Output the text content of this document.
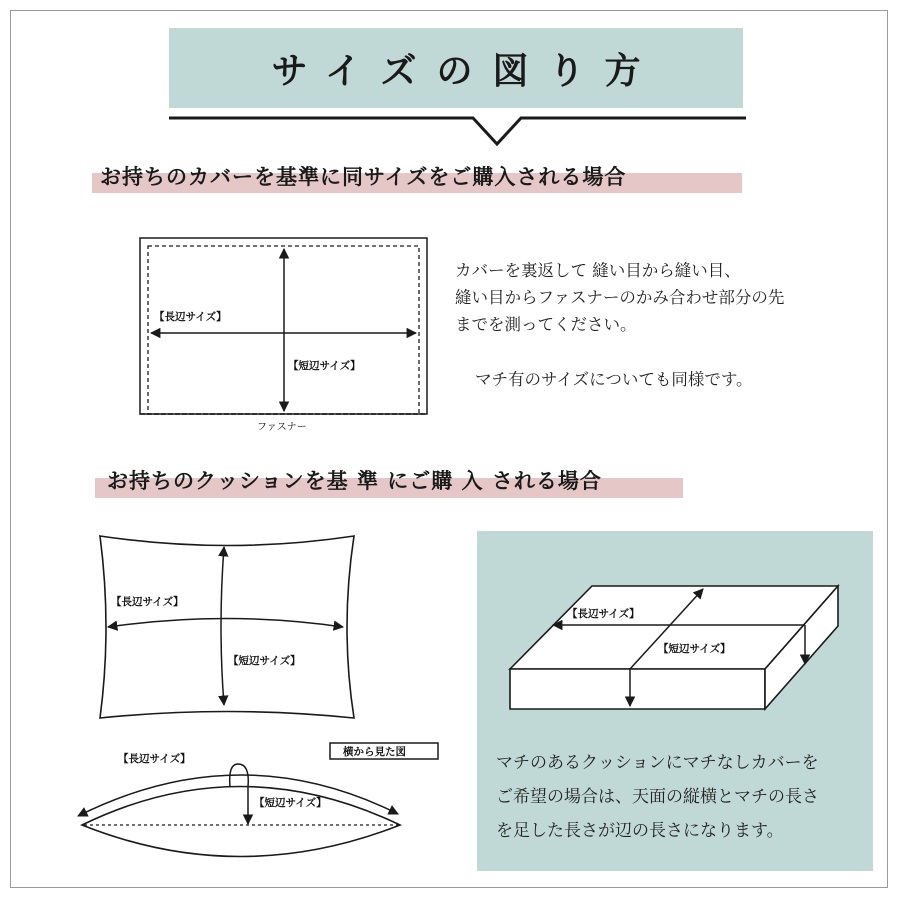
サイズの図り方
お持ちのカバーを基準に同サイズをご購入される場合

カバーを裏返して 縫い目から縫い目、

縫い目からファスナーのかみ合わせ部分の先

までを測ってください。

マチ有のサイズについても同様です。
お持ちのクッションを基 準 にご購 入 される場合

マチのあるクッションにマチなしカバーを

ご希望の場合は、天面の縦横とマチの長さ

を足した長さが辺の長さになります。

【長辺サイズ】
【短辺サイズ】
ファスナー
【長辺サイズ】
【短辺サイズ】
横から見た図
【長辺サイズ】
【短辺サイズ】
【長辺サイズ】
【短辺サイズ】
